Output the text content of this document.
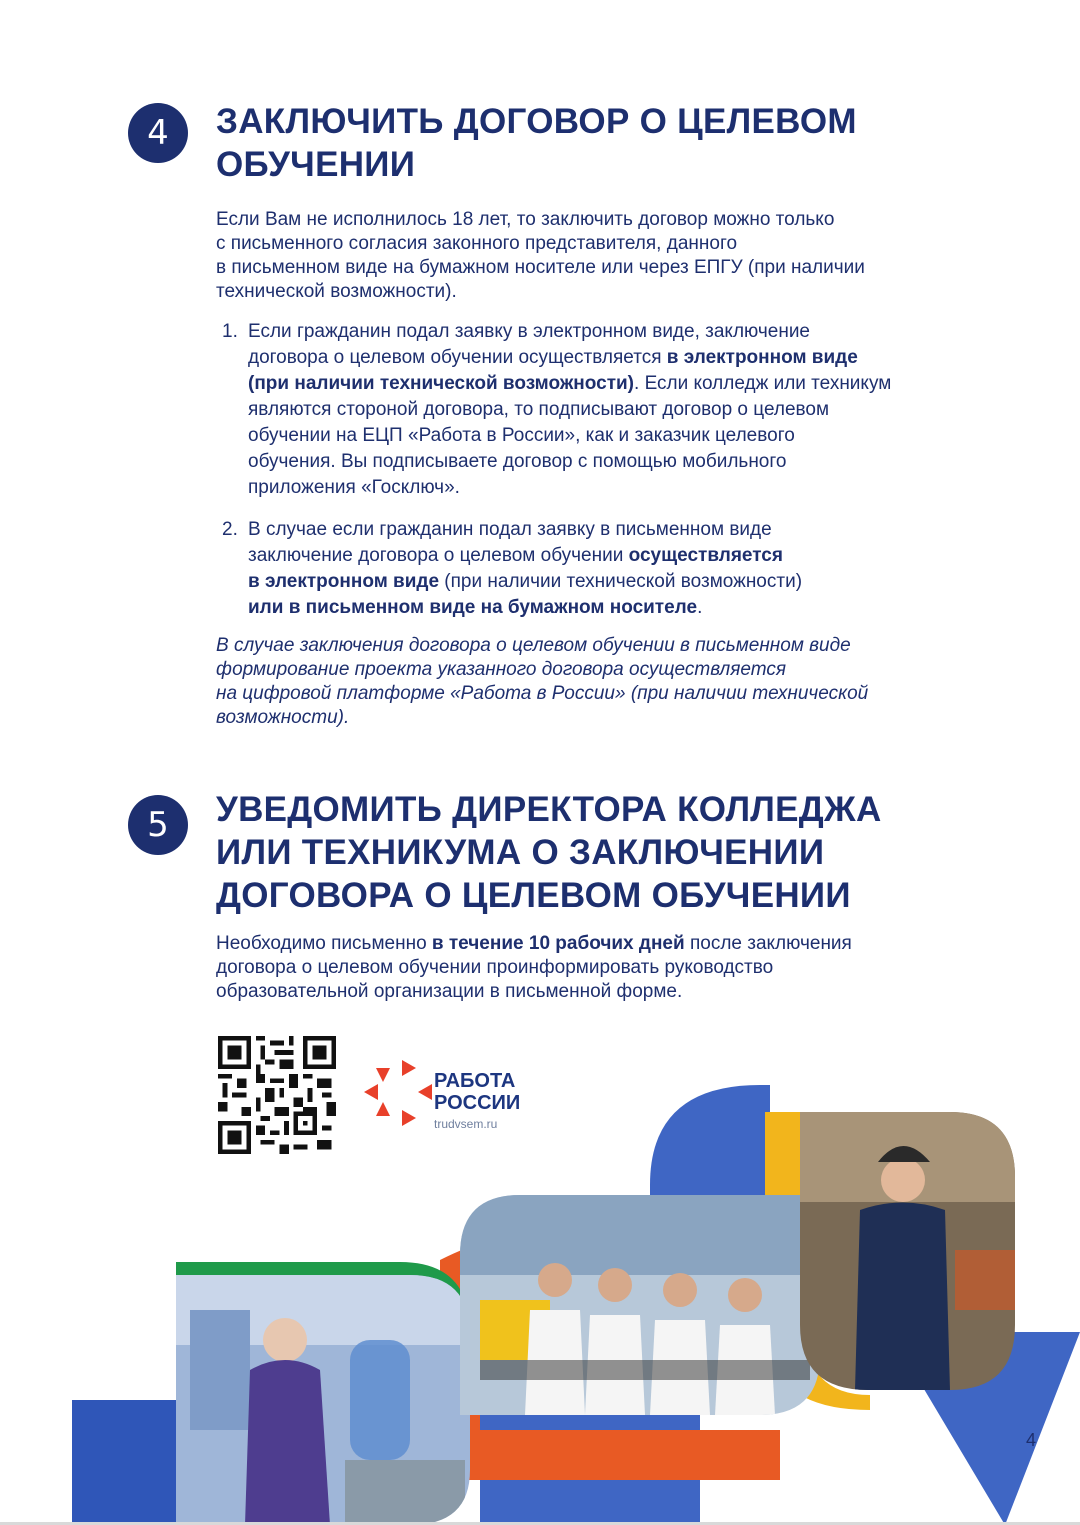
4	ЗАКЛЮЧИТЬ ДОГОВОР О ЦЕЛЕВОМ
ОБУЧЕНИИ
Если Вам не исполнилось 18 лет, то заключить договор можно только
с письменного согласия законного представителя, данного
в письменном виде на бумажном носителе или через ЕПГУ (при наличии
технической возможности).
1. Если гражданин подал заявку в электронном виде, заключение
договора о целевом обучении осуществляется в электронном виде
(при наличии технической возможности). Если колледж или техникум
являются стороной договора, то подписывают договор о целевом
обучении на ЕЦП «Работа в России», как и заказчик целевого
обучения. Вы подписываете договор с помощью мобильного
приложения «Госключ».
2. В случае если гражданин подал заявку в письменном виде
заключение договора о целевом обучении осуществляется
в электронном виде (при наличии технической возможности)
или в письменном виде на бумажном носителе.
В случае заключения договора о целевом обучении в письменном виде
формирование проекта указанного договора осуществляется
на цифровой платформе «Работа в России» (при наличии технической
возможности).
5	УВЕДОМИТЬ ДИРЕКТОРА КОЛЛЕДЖА
ИЛИ ТЕХНИКУМА О ЗАКЛЮЧЕНИИ
ДОГОВОРА О ЦЕЛЕВОМ ОБУЧЕНИИ
Необходимо письменно в течение 10 рабочих дней после заключения
договора о целевом обучении проинформировать руководство
образовательной организации в письменной форме.
РАБОТА
РОССИИ
trudvsem.ru
4
